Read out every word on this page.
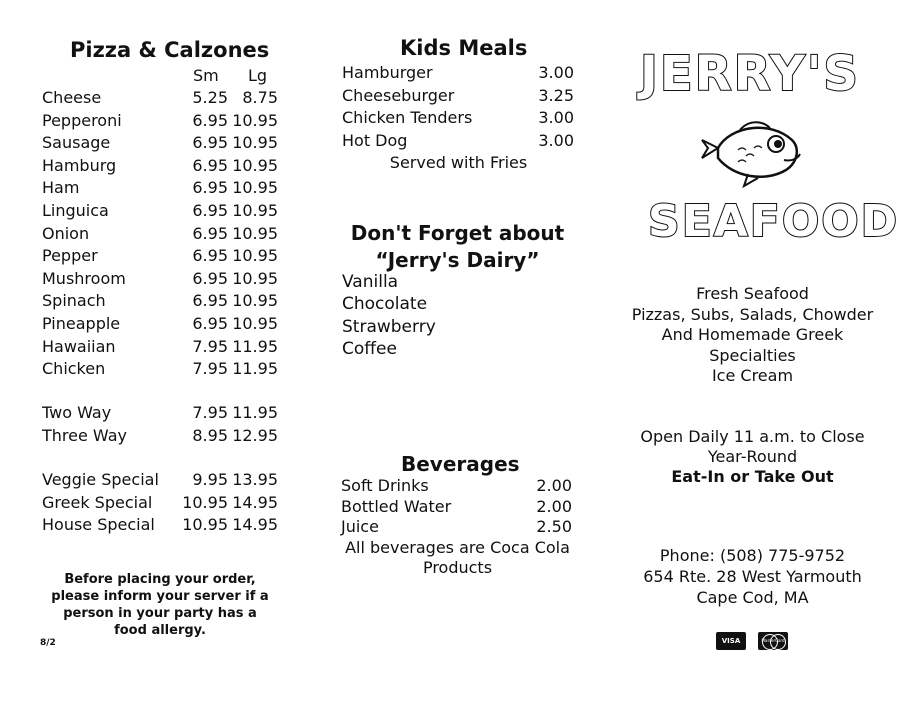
Pizza & Calzones
Sm Lg
Cheese	5.25 8.75
Pepperoni	6.95 10.95
Sausage	6.95 10.95
Hamburg	6.95 10.95
Ham	6.95 10.95
Linguica	6.95 10.95
Onion	6.95 10.95
Pepper	6.95 10.95
Mushroom	6.95 10.95
Spinach	6.95 10.95
Pineapple	6.95 10.95
Hawaiian	7.95 11.95
Chicken	7.95 11.95
Two Way	7.95 11.95
Three Way	8.95 12.95
Veggie Special	9.95 13.95
Greek Special	10.95 14.95
House Special	10.95 14.95
Before placing your order, please inform your server if a person in your party has a food allergy.
8/2
Kids Meals
Hamburger	3.00
Cheeseburger	3.25
Chicken Tenders	3.00
Hot Dog	3.00
Served with Fries
Don't Forget about
“Jerry's Dairy”
Vanilla
Chocolate
Strawberry
Coffee
Beverages
Soft Drinks	2.00
Bottled Water	2.00
Juice	2.50
All beverages are Coca Cola
Products
JERRY'S
SEAFOOD
Fresh Seafood
Pizzas, Subs, Salads, Chowder
And Homemade Greek
Specialties
Ice Cream
Open Daily 11 a.m. to Close
Year-Round
Eat-In or Take Out
Phone: (508) 775-9752
654 Rte. 28 West Yarmouth
Cape Cod, MA
VISA	MasterCard
